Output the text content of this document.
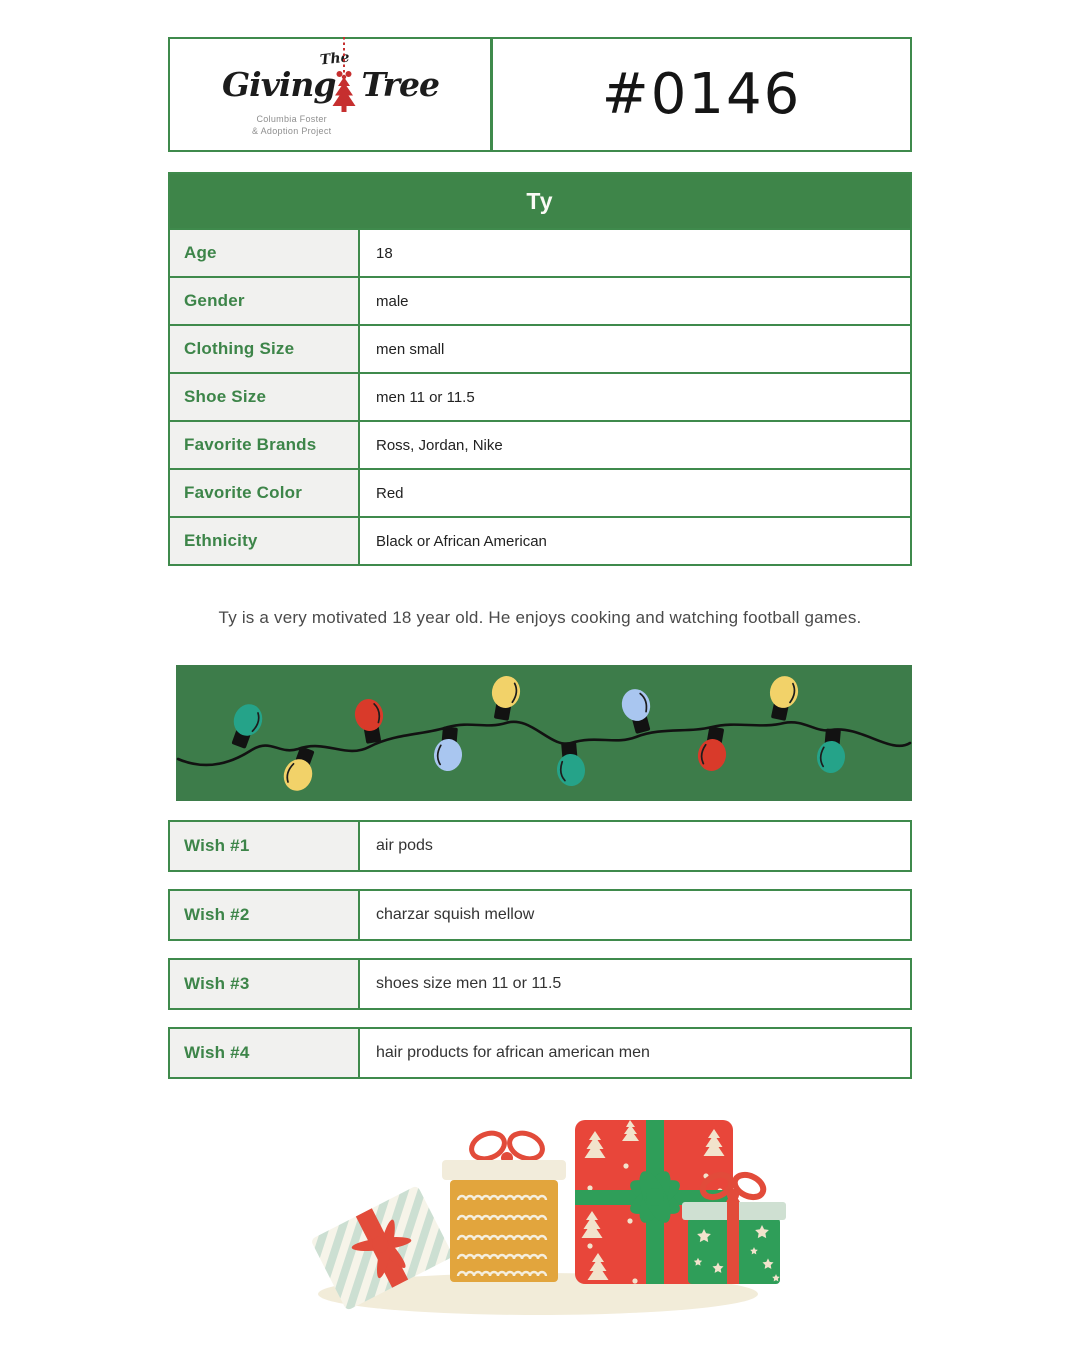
The
Giving Tree
Columbia Foster
& Adoption Project
#0146
Ty
Age	18
Gender	male
Clothing Size	men small
Shoe Size	men 11 or 11.5
Favorite Brands	Ross, Jordan, Nike
Favorite Color	Red
Ethnicity	Black or African American
Ty is a very motivated 18 year old. He enjoys cooking and watching football games.
Wish #1	air pods
Wish #2	charzar squish mellow
Wish #3	shoes size men 11 or 11.5
Wish #4	hair products for african american men
